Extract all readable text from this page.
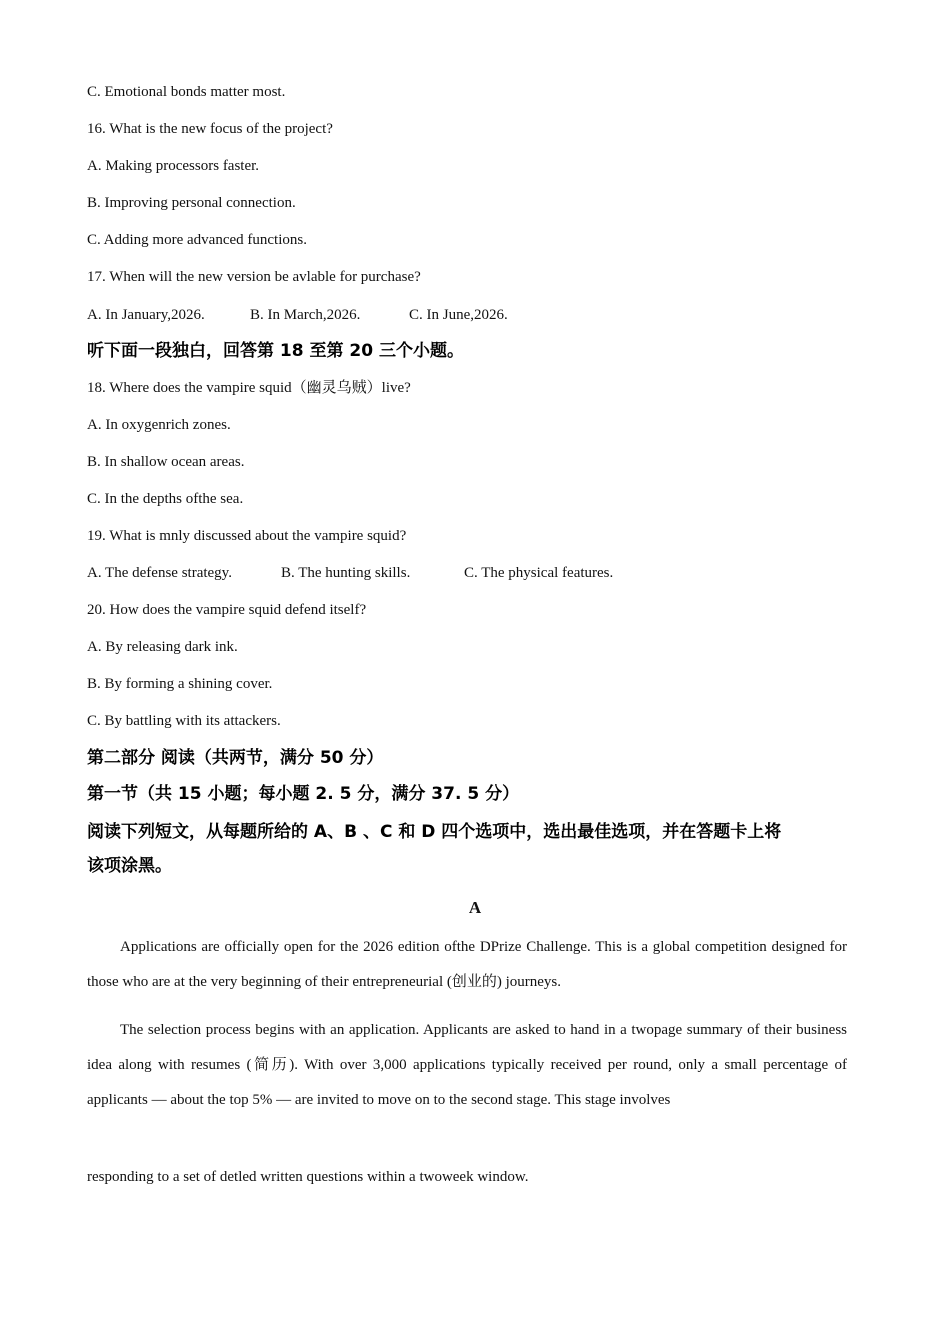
C. Emotional bonds matter most.
16. What is the new focus of the project?
A. Making processors faster.
B. Improving personal connection.
C. Adding more advanced functions.
17. When will the new version be avlable for purchase?
A. In January,2026.	B. In March,2026.	C. In June,2026.
听下面一段独白，回答第 18 至第 20 三个小题。
18. Where does the vampire squid（幽灵乌贼）live?
A. In oxygenrich zones.
B. In shallow ocean areas.
C. In the depths ofthe sea.
19. What is mnly discussed about the vampire squid?
A. The defense strategy.	B. The hunting skills.	C. The physical features.
20. How does the vampire squid defend itself?
A. By releasing dark ink.
B. By forming a shining cover.
C. By battling with its attackers.
第二部分 阅读（共两节，满分 50 分）
第一节（共 15 小题；每小题 2. 5 分，满分 37. 5 分）
阅读下列短文，从每题所给的 A、B 、C 和 D 四个选项中，选出最佳选项，并在答题卡上将
该项涂黑。
A
Applications are officially open for the 2026 edition ofthe DPrize Challenge. This is a global competition designed for those who are at the very beginning of their entrepreneurial (创业的) journeys.
The selection process begins with an application. Applicants are asked to hand in a twopage summary of their business idea along with resumes (简历). With over 3,000 applications typically received per round, only a small percentage of applicants — about the top 5% — are invited to move on to the second stage. This stage involves
responding to a set of detled written questions within a twoweek window.
